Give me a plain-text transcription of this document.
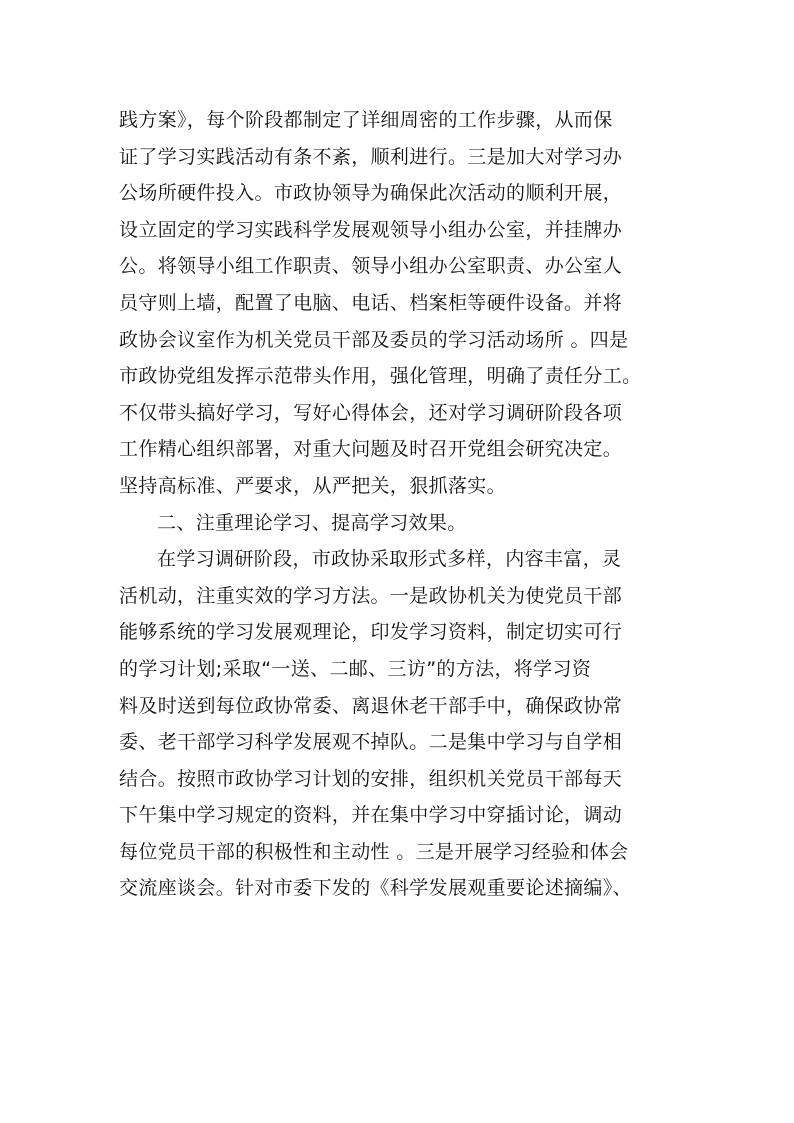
践方案》，每个阶段都制定了详细周密的工作步骤，从而保
证了学习实践活动有条不紊，顺利进行。三是加大对学习办
公场所硬件投入。市政协领导为确保此次活动的顺利开展，
设立固定的学习实践科学发展观领导小组办公室，并挂牌办
公。将领导小组工作职责、领导小组办公室职责、办公室人
员守则上墙，配置了电脑、电话、档案柜等硬件设备。并将
政协会议室作为机关党员干部及委员的学习活动场所 。四是
市政协党组发挥示范带头作用，强化管理，明确了责任分工。
不仅带头搞好学习，写好心得体会，还对学习调研阶段各项
工作精心组织部署，对重大问题及时召开党组会研究决定。
坚持高标准、严要求，从严把关，狠抓落实。
二、注重理论学习、提高学习效果。
在学习调研阶段，市政协采取形式多样，内容丰富，灵
活机动，注重实效的学习方法。一是政协机关为使党员干部
能够系统的学习发展观理论，印发学习资料，制定切实可行
的学习计划;采取“一送、二邮、三访”的方法，将学习资
料及时送到每位政协常委、离退休老干部手中，确保政协常
委、老干部学习科学发展观不掉队。二是集中学习与自学相
结合。按照市政协学习计划的安排，组织机关党员干部每天
下午集中学习规定的资料，并在集中学习中穿插讨论，调动
每位党员干部的积极性和主动性 。三是开展学习经验和体会
交流座谈会。针对市委下发的《科学发展观重要论述摘编》、
